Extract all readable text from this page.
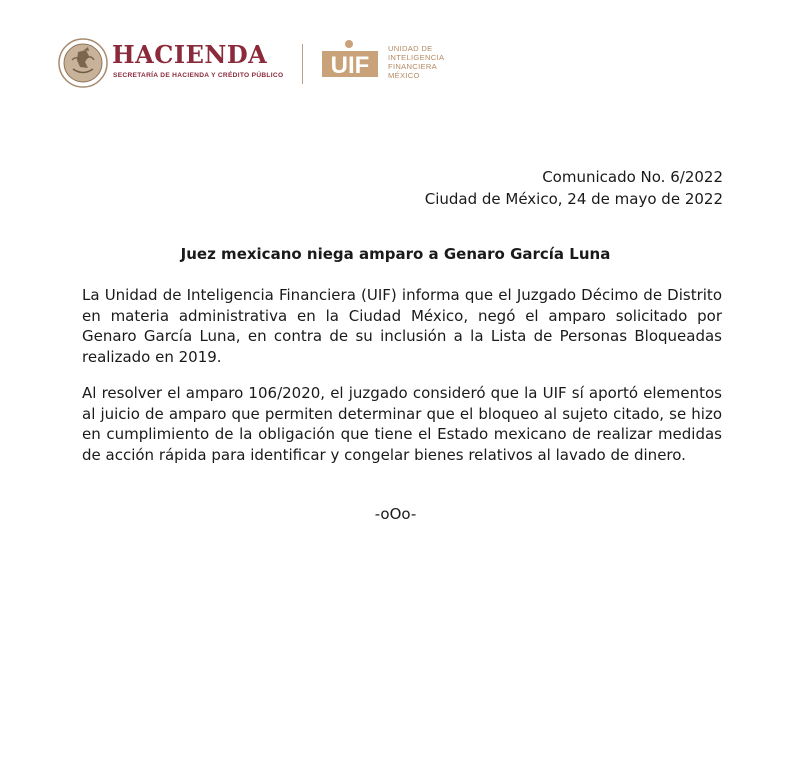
HACIENDA
SECRETARÍA DE HACIENDA Y CRÉDITO PÚBLICO UIF
UNIDAD DE
INTELIGENCIA
FINANCIERA
MÉXICO
Comunicado No. 6/2022
Ciudad de México, 24 de mayo de 2022
Juez mexicano niega amparo a Genaro García Luna

La Unidad de Inteligencia Financiera (UIF) informa que el Juzgado Décimo de Distrito en materia administrativa en la Ciudad México, negó el amparo solicitado por Genaro García Luna, en contra de su inclusión a la Lista de Personas Bloqueadas realizado en 2019.

Al resolver el amparo 106/2020, el juzgado consideró que la UIF sí aportó elementos al juicio de amparo que permiten determinar que el bloqueo al sujeto citado, se hizo en cumplimiento de la obligación que tiene el Estado mexicano de realizar medidas de acción rápida para identificar y congelar bienes relativos al lavado de dinero.

-oOo-
